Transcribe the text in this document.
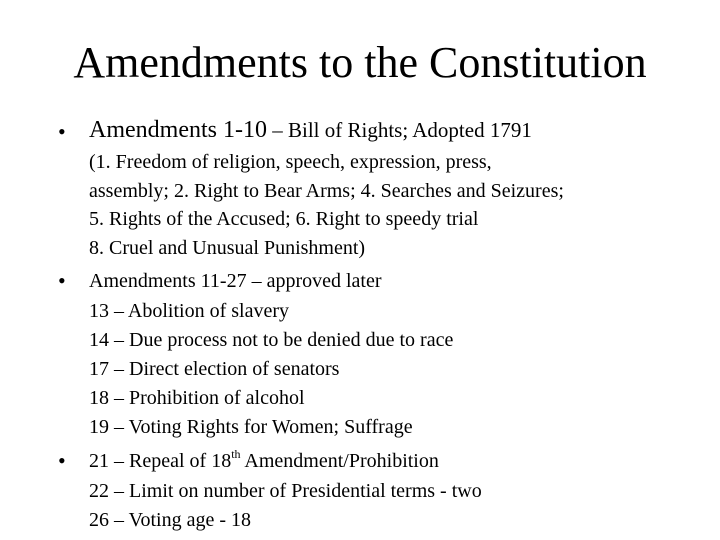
Amendments to the Constitution
• Amendments 1-10 – Bill of Rights; Adopted 1791
(1. Freedom of religion, speech, expression, press,
assembly; 2. Right to Bear Arms; 4. Searches and Seizures;
5. Rights of the Accused; 6. Right to speedy trial
8. Cruel and Unusual Punishment)
• Amendments 11-27 – approved later
13 – Abolition of slavery
14 – Due process not to be denied due to race
17 – Direct election of senators
18 – Prohibition of alcohol
19 – Voting Rights for Women; Suffrage
• 21 – Repeal of 18th Amendment/Prohibition
22 – Limit on number of Presidential terms - two
26 – Voting age - 18
